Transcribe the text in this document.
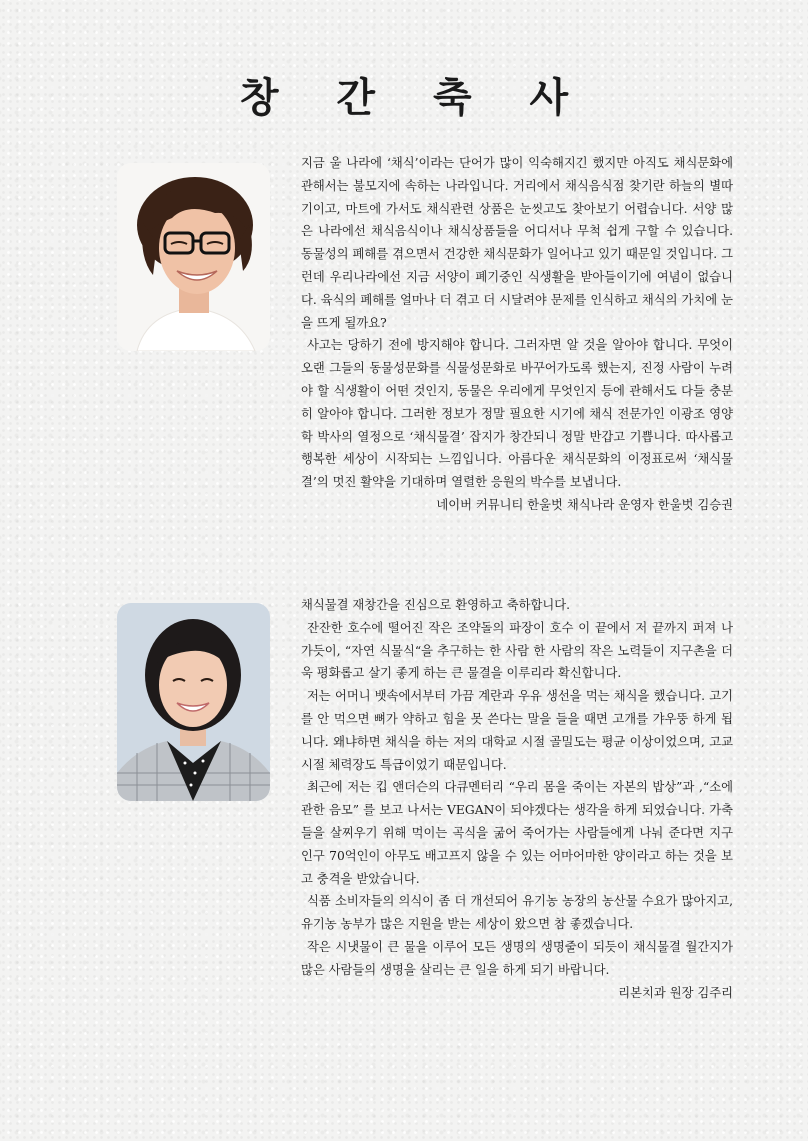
창 간 축 사

지금 울 나라에 ‘채식’이라는 단어가 많이 익숙해지긴 했지만 아직도 채식문화에 관해서는 불모지에 속하는 나라입니다. 거리에서 채식음식점 찾기란 하늘의 별따기이고, 마트에 가서도 채식관련 상품은 눈씻고도 찾아보기 어렵습니다. 서양 많은 나라에선 채식음식이나 채식상품들을 어디서나 무척 쉽게 구할 수 있습니다. 동물성의 폐해를 겪으면서 건강한 채식문화가 일어나고 있기 때문일 것입니다. 그런데 우리나라에선 지금 서양이 폐기중인 식생활을 받아들이기에 여념이 없습니다. 육식의 폐해를 얼마나 더 겪고 더 시달려야 문제를 인식하고 채식의 가치에 눈을 뜨게 될까요?

사고는 당하기 전에 방지해야 합니다. 그러자면 알 것을 알아야 합니다. 무엇이 오랜 그들의 동물성문화를 식물성문화로 바꾸어가도록 했는지, 진정 사람이 누려야 할 식생활이 어떤 것인지, 동물은 우리에게 무엇인지 등에 관해서도 다들 충분히 알아야 합니다. 그러한 정보가 정말 필요한 시기에 채식 전문가인 이광조 영양학 박사의 열정으로 ‘채식물결’ 잡지가 창간되니 정말 반갑고 기쁩니다. 따사롭고 행복한 세상이 시작되는 느낌입니다. 아름다운 채식문화의 이정표로써 ‘채식물결’의 멋진 활약을 기대하며 열렬한 응원의 박수를 보냅니다.

네이버 커뮤니티 한울벗 채식나라 운영자 한울벗 김승권

채식물결 재창간을 진심으로 환영하고 축하합니다.

잔잔한 호수에 떨어진 작은 조약돌의 파장이 호수 이 끝에서 저 끝까지 퍼져 나가듯이, “자연 식물식“을 추구하는 한 사람 한 사람의 작은 노력들이 지구촌을 더욱 평화롭고 살기 좋게 하는 큰 물결을 이루리라 확신합니다.

저는 어머니 뱃속에서부터 가끔 계란과 우유 생선을 먹는 채식을 했습니다. 고기를 안 먹으면 뼈가 약하고 힘을 못 쓴다는 말을 들을 때면 고개를 갸우뚱 하게 됩니다. 왜냐하면 채식을 하는 저의 대학교 시절 골밀도는 평균 이상이었으며, 고교시절 체력장도 특급이었기 때문입니다.

최근에 저는 킵 앤더슨의 다큐멘터리 “우리 몸을 죽이는 자본의 밥상”과 ,“소에 관한 음모” 를 보고 나서는 VEGAN이 되야겠다는 생각을 하게 되었습니다. 가축들을 살찌우기 위해 먹이는 곡식을 굶어 죽어가는 사람들에게 나눠 준다면 지구 인구 70억인이 아무도 배고프지 않을 수 있는 어마어마한 양이라고 하는 것을 보고 충격을 받았습니다.

식품 소비자들의 의식이 좀 더 개선되어 유기농 농장의 농산물 수요가 많아지고, 유기농 농부가 많은 지원을 받는 세상이 왔으면 참 좋겠습니다.

작은 시냇물이 큰 물을 이루어 모든 생명의 생명줄이 되듯이 채식물결 월간지가 많은 사람들의 생명을 살리는 큰 일을 하게 되기 바랍니다.

리본치과 원장 김주리
